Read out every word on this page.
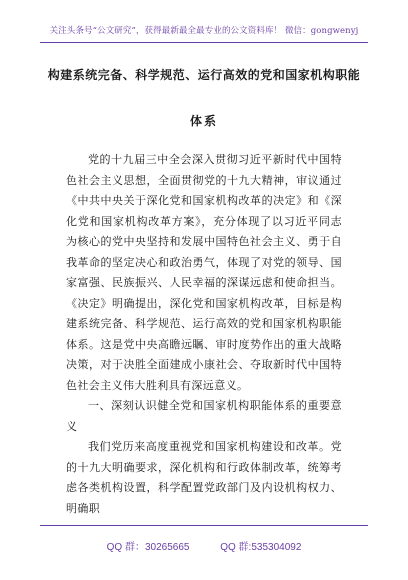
关注头条号“公文研究”，获得最新最全最专业的公文资料库！ 微信：gongwenyj
构建系统完备、科学规范、运行高效的党和国家机构职能
体系

党的十九届三中全会深入贯彻习近平新时代中国特色社会主义思想，全面贯彻党的十九大精神，审议通过《中共中央关于深化党和国家机构改革的决定》和《深化党和国家机构改革方案》，充分体现了以习近平同志为核心的党中央坚持和发展中国特色社会主义、勇于自我革命的坚定决心和政治勇气，体现了对党的领导、国家富强、民族振兴、人民幸福的深谋远虑和使命担当。《决定》明确提出，深化党和国家机构改革，目标是构建系统完备、科学规范、运行高效的党和国家机构职能体系。这是党中央高瞻远瞩、审时度势作出的重大战略决策，对于决胜全面建成小康社会、夺取新时代中国特色社会主义伟大胜利具有深远意义。

一、深刻认识健全党和国家机构职能体系的重要意义

我们党历来高度重视党和国家机构建设和改革。党的十九大明确要求，深化机构和行政体制改革，统筹考虑各类机构设置，科学配置党政部门及内设机构权力、明确职

QQ 群：30265665	QQ 群:535304092
